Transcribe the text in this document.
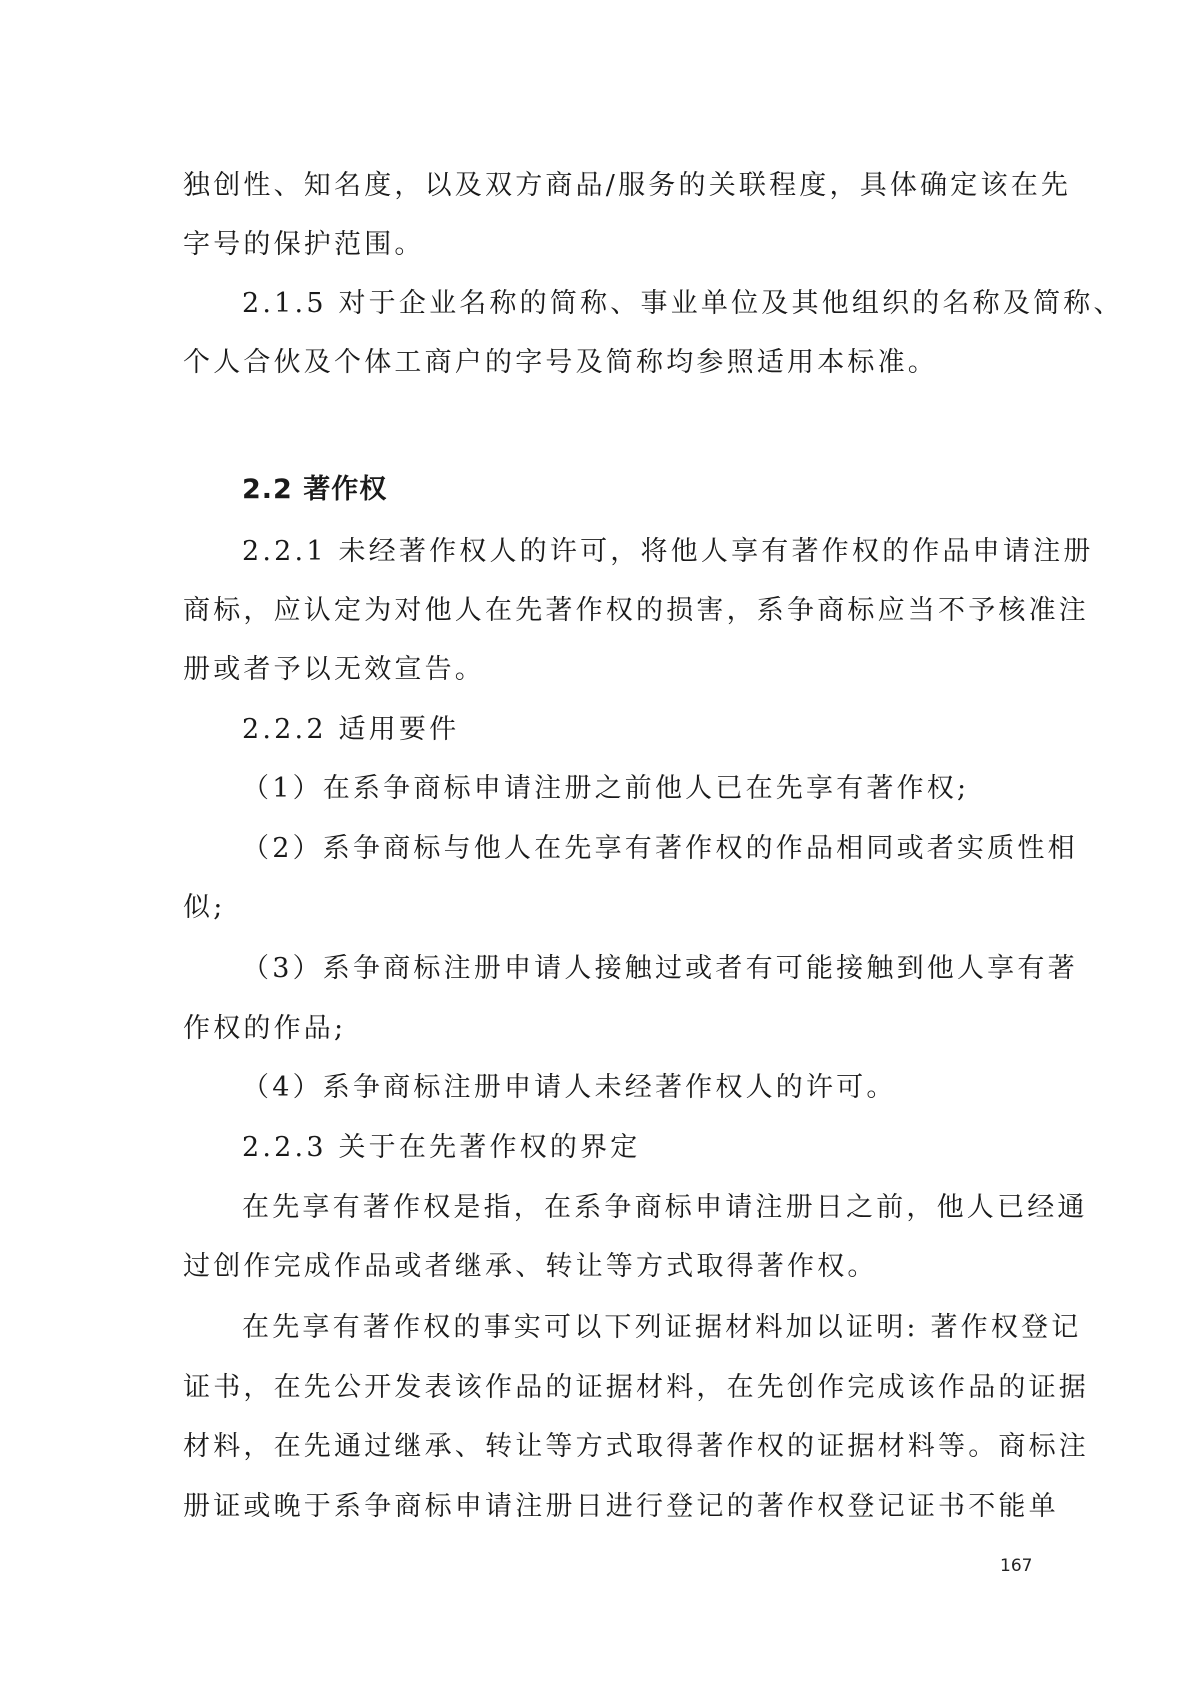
独创性、知名度，以及双方商品/服务的关联程度，具体确定该在先
字号的保护范围。
2.1.5 对于企业名称的简称、事业单位及其他组织的名称及简称、
个人合伙及个体工商户的字号及简称均参照适用本标准。
2.2 著作权
2.2.1 未经著作权人的许可，将他人享有著作权的作品申请注册
商标，应认定为对他人在先著作权的损害，系争商标应当不予核准注
册或者予以无效宣告。
2.2.2 适用要件
（1）在系争商标申请注册之前他人已在先享有著作权;
（2）系争商标与他人在先享有著作权的作品相同或者实质性相
似;
（3）系争商标注册申请人接触过或者有可能接触到他人享有著
作权的作品;
（4）系争商标注册申请人未经著作权人的许可。
2.2.3 关于在先著作权的界定
在先享有著作权是指，在系争商标申请注册日之前，他人已经通
过创作完成作品或者继承、转让等方式取得著作权。
在先享有著作权的事实可以下列证据材料加以证明: 著作权登记
证书，在先公开发表该作品的证据材料，在先创作完成该作品的证据
材料，在先通过继承、转让等方式取得著作权的证据材料等。商标注
册证或晚于系争商标申请注册日进行登记的著作权登记证书不能单
167
